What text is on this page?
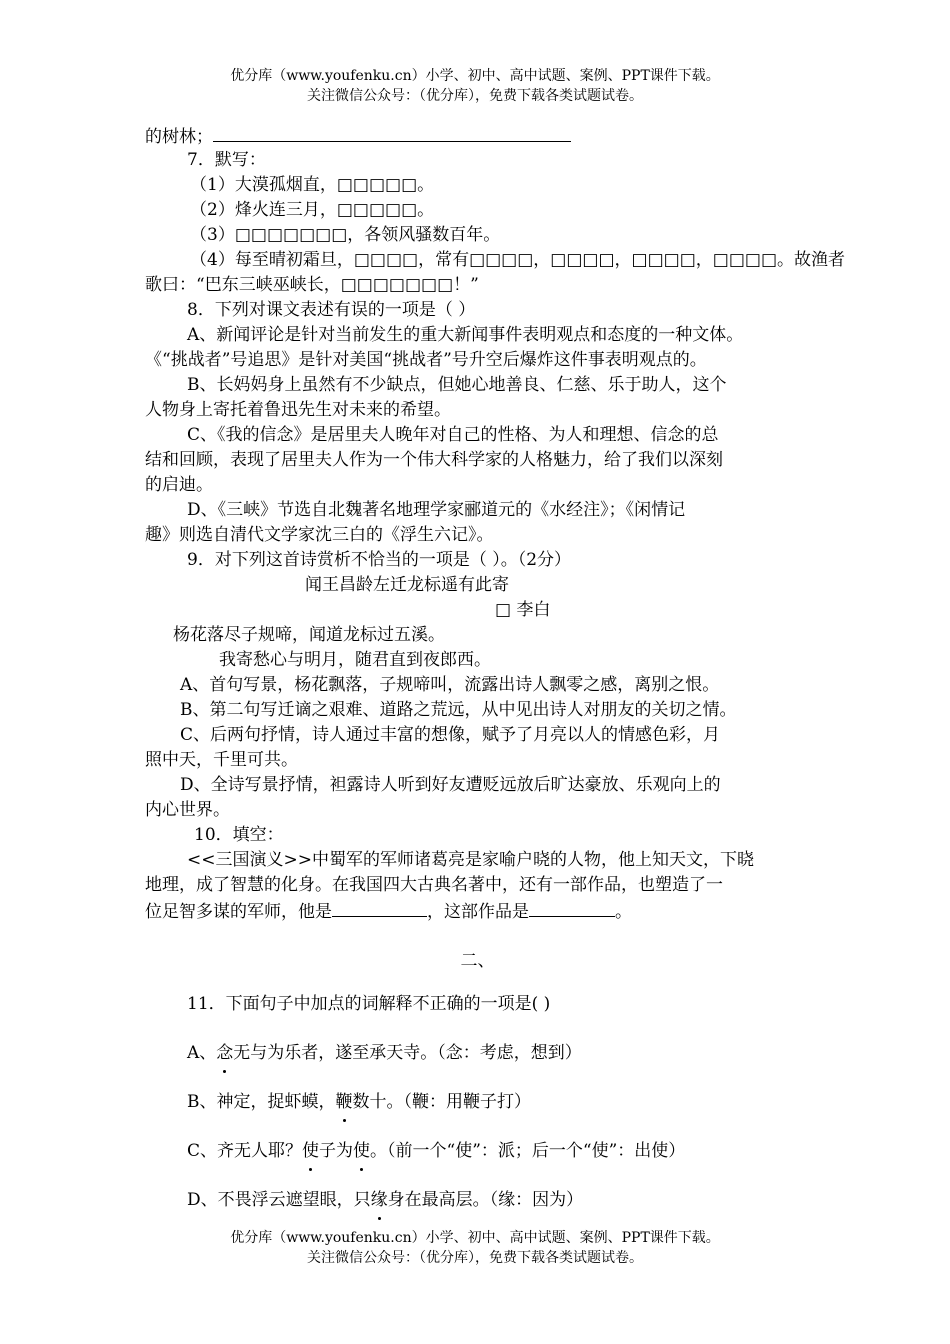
优分库（www.youfenku.cn）小学、初中、高中试题、案例、PPT课件下载。
关注微信公众号：（优分库），免费下载各类试题试卷。
的树林；
7．默写：
（1）大漠孤烟直，□□□□□。
（2）烽火连三月，□□□□□。
（3）□□□□□□□，各领风骚数百年。
（4）每至晴初霜旦，□□□□，常有□□□□，□□□□，□□□□，□□□□。故渔者
歌曰：“巴东三峡巫峡长，□□□□□□□！”
8．下列对课文表述有误的一项是（ ）
A、新闻评论是针对当前发生的重大新闻事件表明观点和态度的一种文体。
《“挑战者”号追思》是针对美国“挑战者”号升空后爆炸这件事表明观点的。
B、长妈妈身上虽然有不少缺点，但她心地善良、仁慈、乐于助人，这个
人物身上寄托着鲁迅先生对未来的希望。
C、《我的信念》是居里夫人晚年对自己的性格、为人和理想、信念的总
结和回顾，表现了居里夫人作为一个伟大科学家的人格魅力，给了我们以深刻
的启迪。
D、《三峡》节选自北魏著名地理学家郦道元的《水经注》；《闲情记
趣》则选自清代文学家沈三白的《浮生六记》。
9．对下列这首诗赏析不恰当的一项是（ ）。（2分）
闻王昌龄左迁龙标遥有此寄
□ 李白
杨花落尽子规啼，闻道龙标过五溪。
我寄愁心与明月，随君直到夜郎西。
A、首句写景，杨花飘落，子规啼叫，流露出诗人飘零之感，离别之恨。
B、第二句写迁谪之艰难、道路之荒远，从中见出诗人对朋友的关切之情。
C、后两句抒情，诗人通过丰富的想像，赋予了月亮以人的情感色彩，月
照中天，千里可共。
D、全诗写景抒情，袒露诗人听到好友遭贬远放后旷达豪放、乐观向上的
内心世界。
10．填空：
<<三国演义>>中蜀军的军师诸葛亮是家喻户晓的人物，他上知天文，下晓
地理，成了智慧的化身。在我国四大古典名著中，还有一部作品，也塑造了一
位足智多谋的军师，他是	，这部作品是	。
二、
11．下面句子中加点的词解释不正确的一项是( )
A、念无与为乐者，遂至承天寺。（念：考虑，想到）
B、神定，捉虾蟆，鞭数十。（鞭：用鞭子打）
C、齐无人耶？使子为使。（前一个“使”：派；后一个“使”：出使）
D、不畏浮云遮望眼，只缘身在最高层。（缘：因为）
优分库（www.youfenku.cn）小学、初中、高中试题、案例、PPT课件下载。
关注微信公众号：（优分库），免费下载各类试题试卷。
